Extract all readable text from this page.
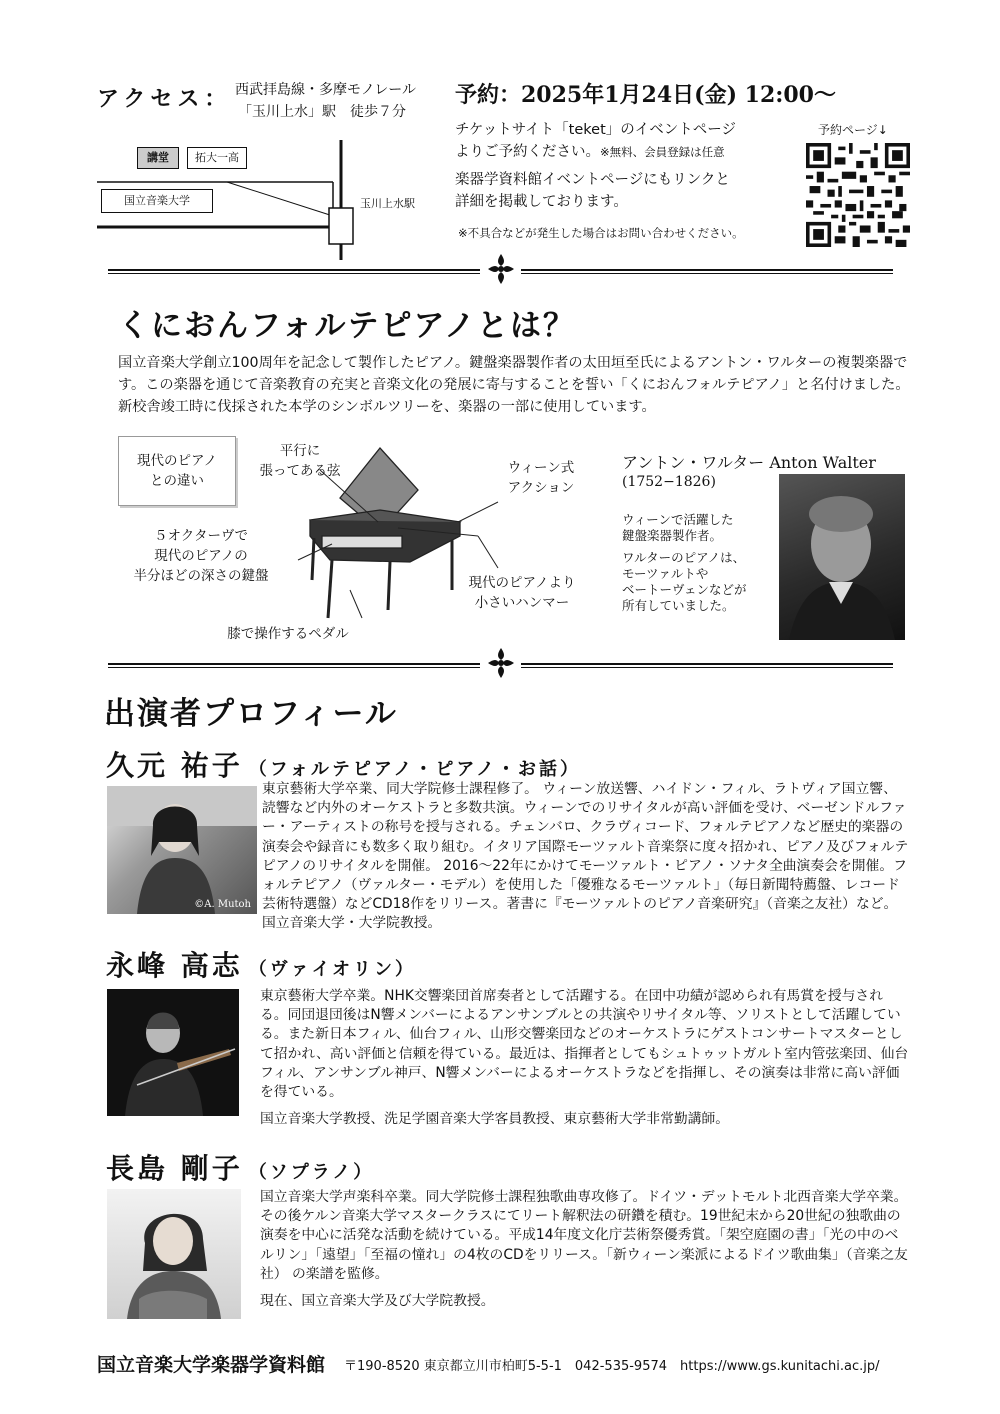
アクセス： 西武拝島線・多摩モノレール
「玉川上水」駅　徒歩７分
講堂	拓大一高
国立音楽大学	玉川上水駅
予約：2025年1月24日(金) 12:00〜
チケットサイト「teket」のイベントページ
よりご予約ください。※無料、会員登録は任意
楽器学資料館イベントページにもリンクと
詳細を掲載しております。
※不具合などが発生した場合はお問い合わせください。
予約ページ↓
くにおんフォルテピアノとは？
国立音楽大学創立100周年を記念して製作したピアノ。鍵盤楽器製作者の太田垣至氏によるアントン・ワルターの複製楽器です。この楽器を通じて音楽教育の充実と音楽文化の発展に寄与することを誓い「くにおんフォルテピアノ」と名付けました。新校舎竣工時に伐採された本学のシンボルツリーを、楽器の一部に使用しています。
現代のピアノ
との違い
平行に
張ってある弦	ウィーン式
アクション
５オクターヴで
現代のピアノの
半分ほどの深さの鍵盤	現代のピアノより
小さいハンマー
膝で操作するペダル
アントン・ワルター Anton Walter
(1752−1826)
ウィーンで活躍した
鍵盤楽器製作者。
ワルターのピアノは、
モーツァルトや
ベートーヴェンなどが
所有していました。
出演者プロフィール
久元 祐子 （フォルテピアノ・ピアノ・お話）
©A. Mutoh
東京藝術大学卒業、同大学院修士課程修了。 ウィーン放送響、ハイドン・フィル、ラトヴィア国立響、読響など内外のオーケストラと多数共演。ウィーンでのリサイタルが高い評価を受け、ベーゼンドルファー・アーティストの称号を授与される。チェンバロ、クラヴィコード、フォルテピアノなど歴史的楽器の演奏会や録音にも数多く取り組む。イタリア国際モーツァルト音楽祭に度々招かれ、ピアノ及びフォルテピアノのリサイタルを開催。 2016〜22年にかけてモーツァルト・ピアノ・ソナタ全曲演奏会を開催。フォルテピアノ（ヴァルター・モデル）を使用した「優雅なるモーツァルト」（毎日新聞特薦盤、レコード芸術特選盤）などCD18作をリリース。著書に『モーツァルトのピアノ音楽研究』（音楽之友社）など。国立音楽大学・大学院教授。
永峰 高志 （ヴァイオリン）
東京藝術大学卒業。NHK交響楽団首席奏者として活躍する。在団中功績が認められ有馬賞を授与される。同団退団後はN響メンバーによるアンサンブルとの共演やリサイタル等、ソリストとして活躍している。また新日本フィル、仙台フィル、山形交響楽団などのオーケストラにゲストコンサートマスターとして招かれ、高い評価と信頼を得ている。最近は、指揮者としてもシュトゥットガルト室内管弦楽団、仙台フィル、アンサンブル神戸、N響メンバーによるオーケストラなどを指揮し、その演奏は非常に高い評価を得ている。
国立音楽大学教授、洗足学園音楽大学客員教授、東京藝術大学非常勤講師。
長島 剛子 （ソプラノ）
国立音楽大学声楽科卒業。同大学院修士課程独歌曲専攻修了。ドイツ・デットモルト北西音楽大学卒業。その後ケルン音楽大学マスタークラスにてリート解釈法の研鑽を積む。19世紀末から20世紀の独歌曲の演奏を中心に活発な活動を続けている。平成14年度文化庁芸術祭優秀賞。「架空庭園の書」「光の中のベルリン」「遠望」「至福の憧れ」の4枚のCDをリリース。「新ウィーン楽派によるドイツ歌曲集」（音楽之友社） の楽譜を監修。
現在、国立音楽大学及び大学院教授。
国立音楽大学楽器学資料館 〒190-8520 東京都立川市柏町5-5-1　042-535-9574　https://www.gs.kunitachi.ac.jp/
